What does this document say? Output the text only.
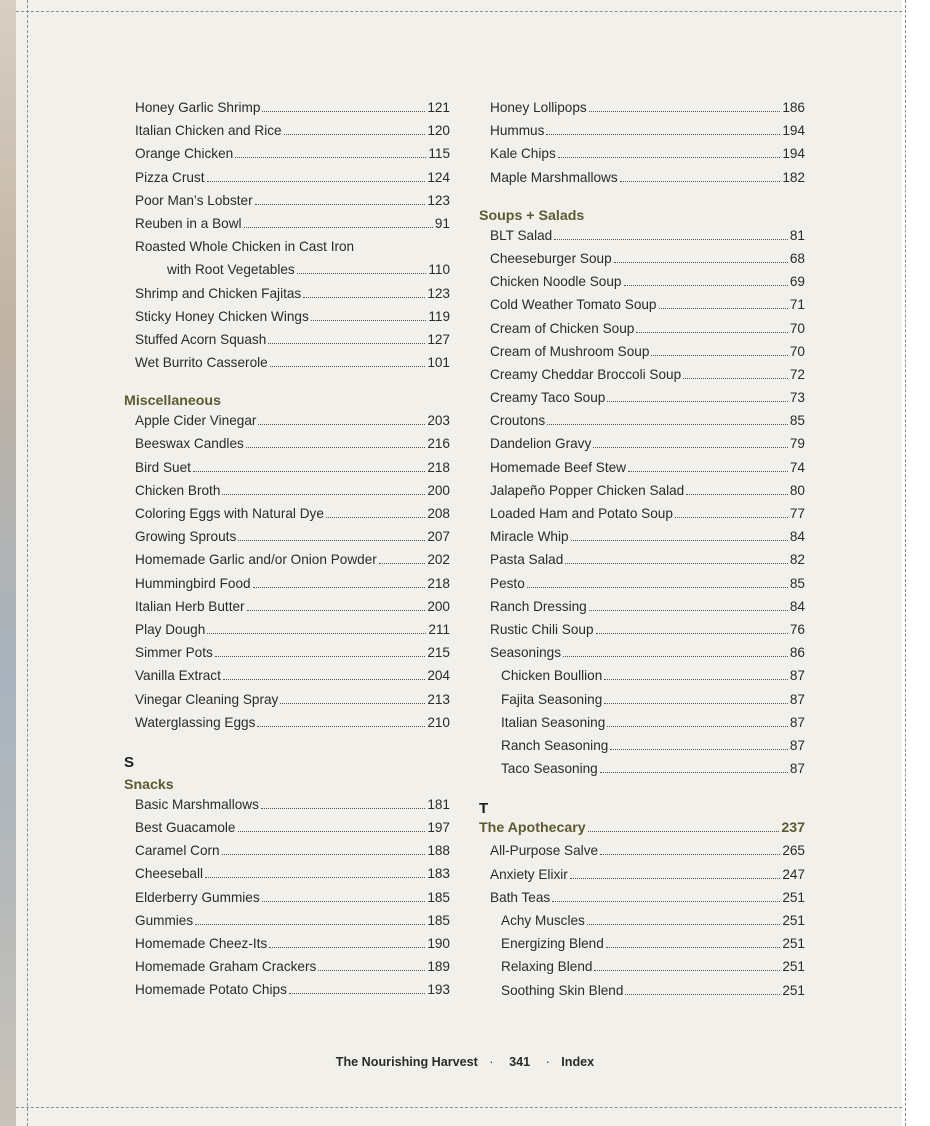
Honey Garlic Shrimp	121
Italian Chicken and Rice	120
Orange Chicken	115
Pizza Crust	124
Poor Man’s Lobster	123
Reuben in a Bowl	91
Roasted Whole Chicken in Cast Iron
with Root Vegetables	110
Shrimp and Chicken Fajitas	123
Sticky Honey Chicken Wings	119
Stuffed Acorn Squash	127
Wet Burrito Casserole	101
Miscellaneous
Apple Cider Vinegar	203
Beeswax Candles	216
Bird Suet	218
Chicken Broth	200
Coloring Eggs with Natural Dye	208
Growing Sprouts	207
Homemade Garlic and/or Onion Powder	202
Hummingbird Food	218
Italian Herb Butter	200
Play Dough	211
Simmer Pots	215
Vanilla Extract	204
Vinegar Cleaning Spray	213
Waterglassing Eggs	210
S
Snacks
Basic Marshmallows	181
Best Guacamole	197
Caramel Corn	188
Cheeseball	183
Elderberry Gummies	185
Gummies	185
Homemade Cheez-Its	190
Homemade Graham Crackers	189
Homemade Potato Chips	193
Honey Lollipops	186
Hummus	194
Kale Chips	194
Maple Marshmallows	182
Soups + Salads
BLT Salad	81
Cheeseburger Soup	68
Chicken Noodle Soup	69
Cold Weather Tomato Soup	71
Cream of Chicken Soup	70
Cream of Mushroom Soup	70
Creamy Cheddar Broccoli Soup	72
Creamy Taco Soup	73
Croutons	85
Dandelion Gravy	79
Homemade Beef Stew	74
Jalapeño Popper Chicken Salad	80
Loaded Ham and Potato Soup	77
Miracle Whip	84
Pasta Salad	82
Pesto	85
Ranch Dressing	84
Rustic Chili Soup	76
Seasonings	86
Chicken Boullion	87
Fajita Seasoning	87
Italian Seasoning	87
Ranch Seasoning	87
Taco Seasoning	87
T
The Apothecary	237
All-Purpose Salve	265
Anxiety Elixir	247
Bath Teas	251
Achy Muscles	251
Energizing Blend	251
Relaxing Blend	251
Soothing Skin Blend	251
The Nourishing Harvest · 341 · Index
